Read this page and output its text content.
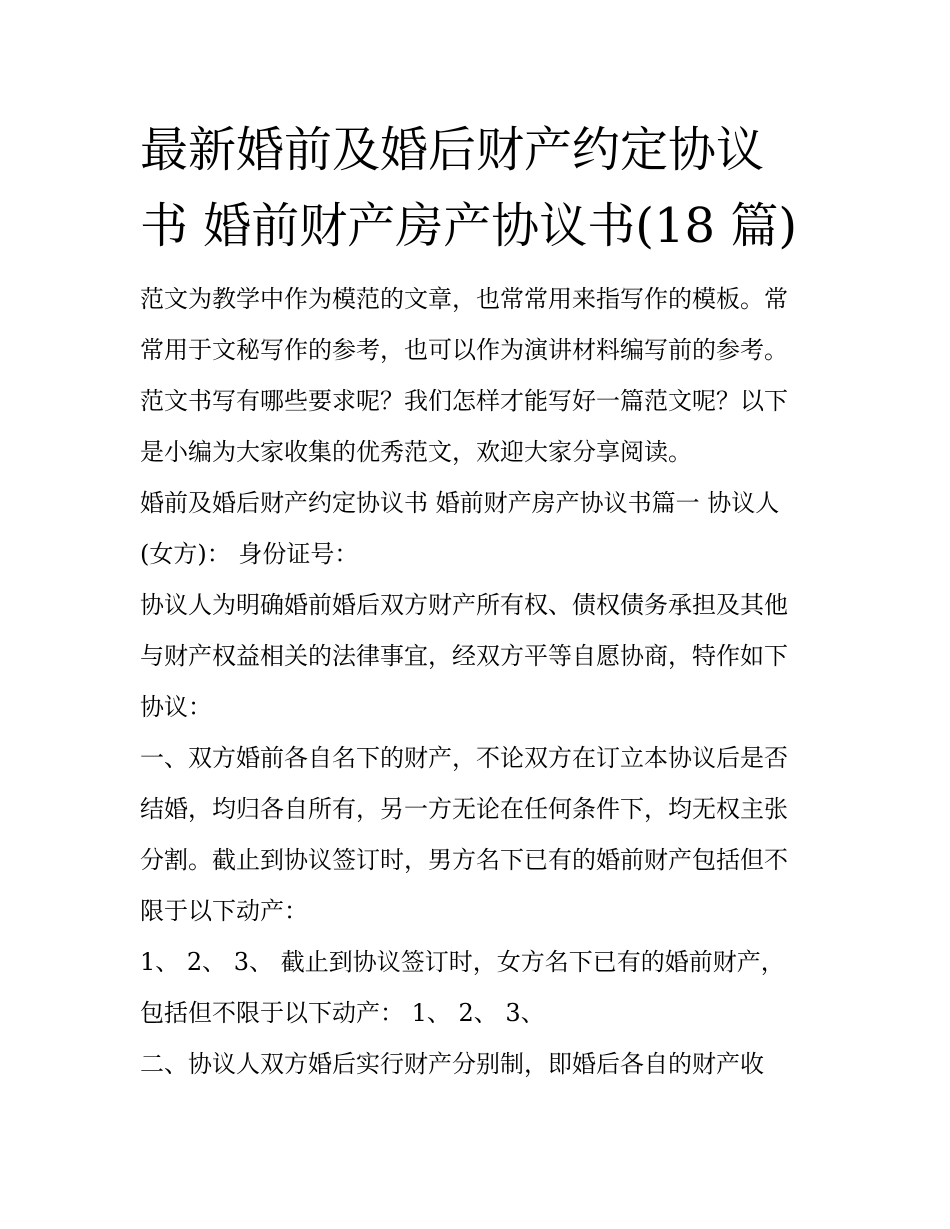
最新婚前及婚后财产约定协议
书 婚前财产房产协议书(18 篇)

范文为教学中作为模范的文章，也常常用来指写作的模板。常

常用于文秘写作的参考，也可以作为演讲材料编写前的参考。

范文书写有哪些要求呢？我们怎样才能写好一篇范文呢？以下

是小编为大家收集的优秀范文，欢迎大家分享阅读。

婚前及婚后财产约定协议书 婚前财产房产协议书篇一 协议人

(女方)： 身份证号：

协议人为明确婚前婚后双方财产所有权、债权债务承担及其他

与财产权益相关的法律事宜，经双方平等自愿协商，特作如下

协议：

一、双方婚前各自名下的财产，不论双方在订立本协议后是否

结婚，均归各自所有，另一方无论在任何条件下，均无权主张

分割。截止到协议签订时，男方名下已有的婚前财产包括但不

限于以下动产：

1、 2、 3、 截止到协议签订时，女方名下已有的婚前财产，

包括但不限于以下动产： 1、 2、 3、

二、协议人双方婚后实行财产分别制，即婚后各自的财产收
